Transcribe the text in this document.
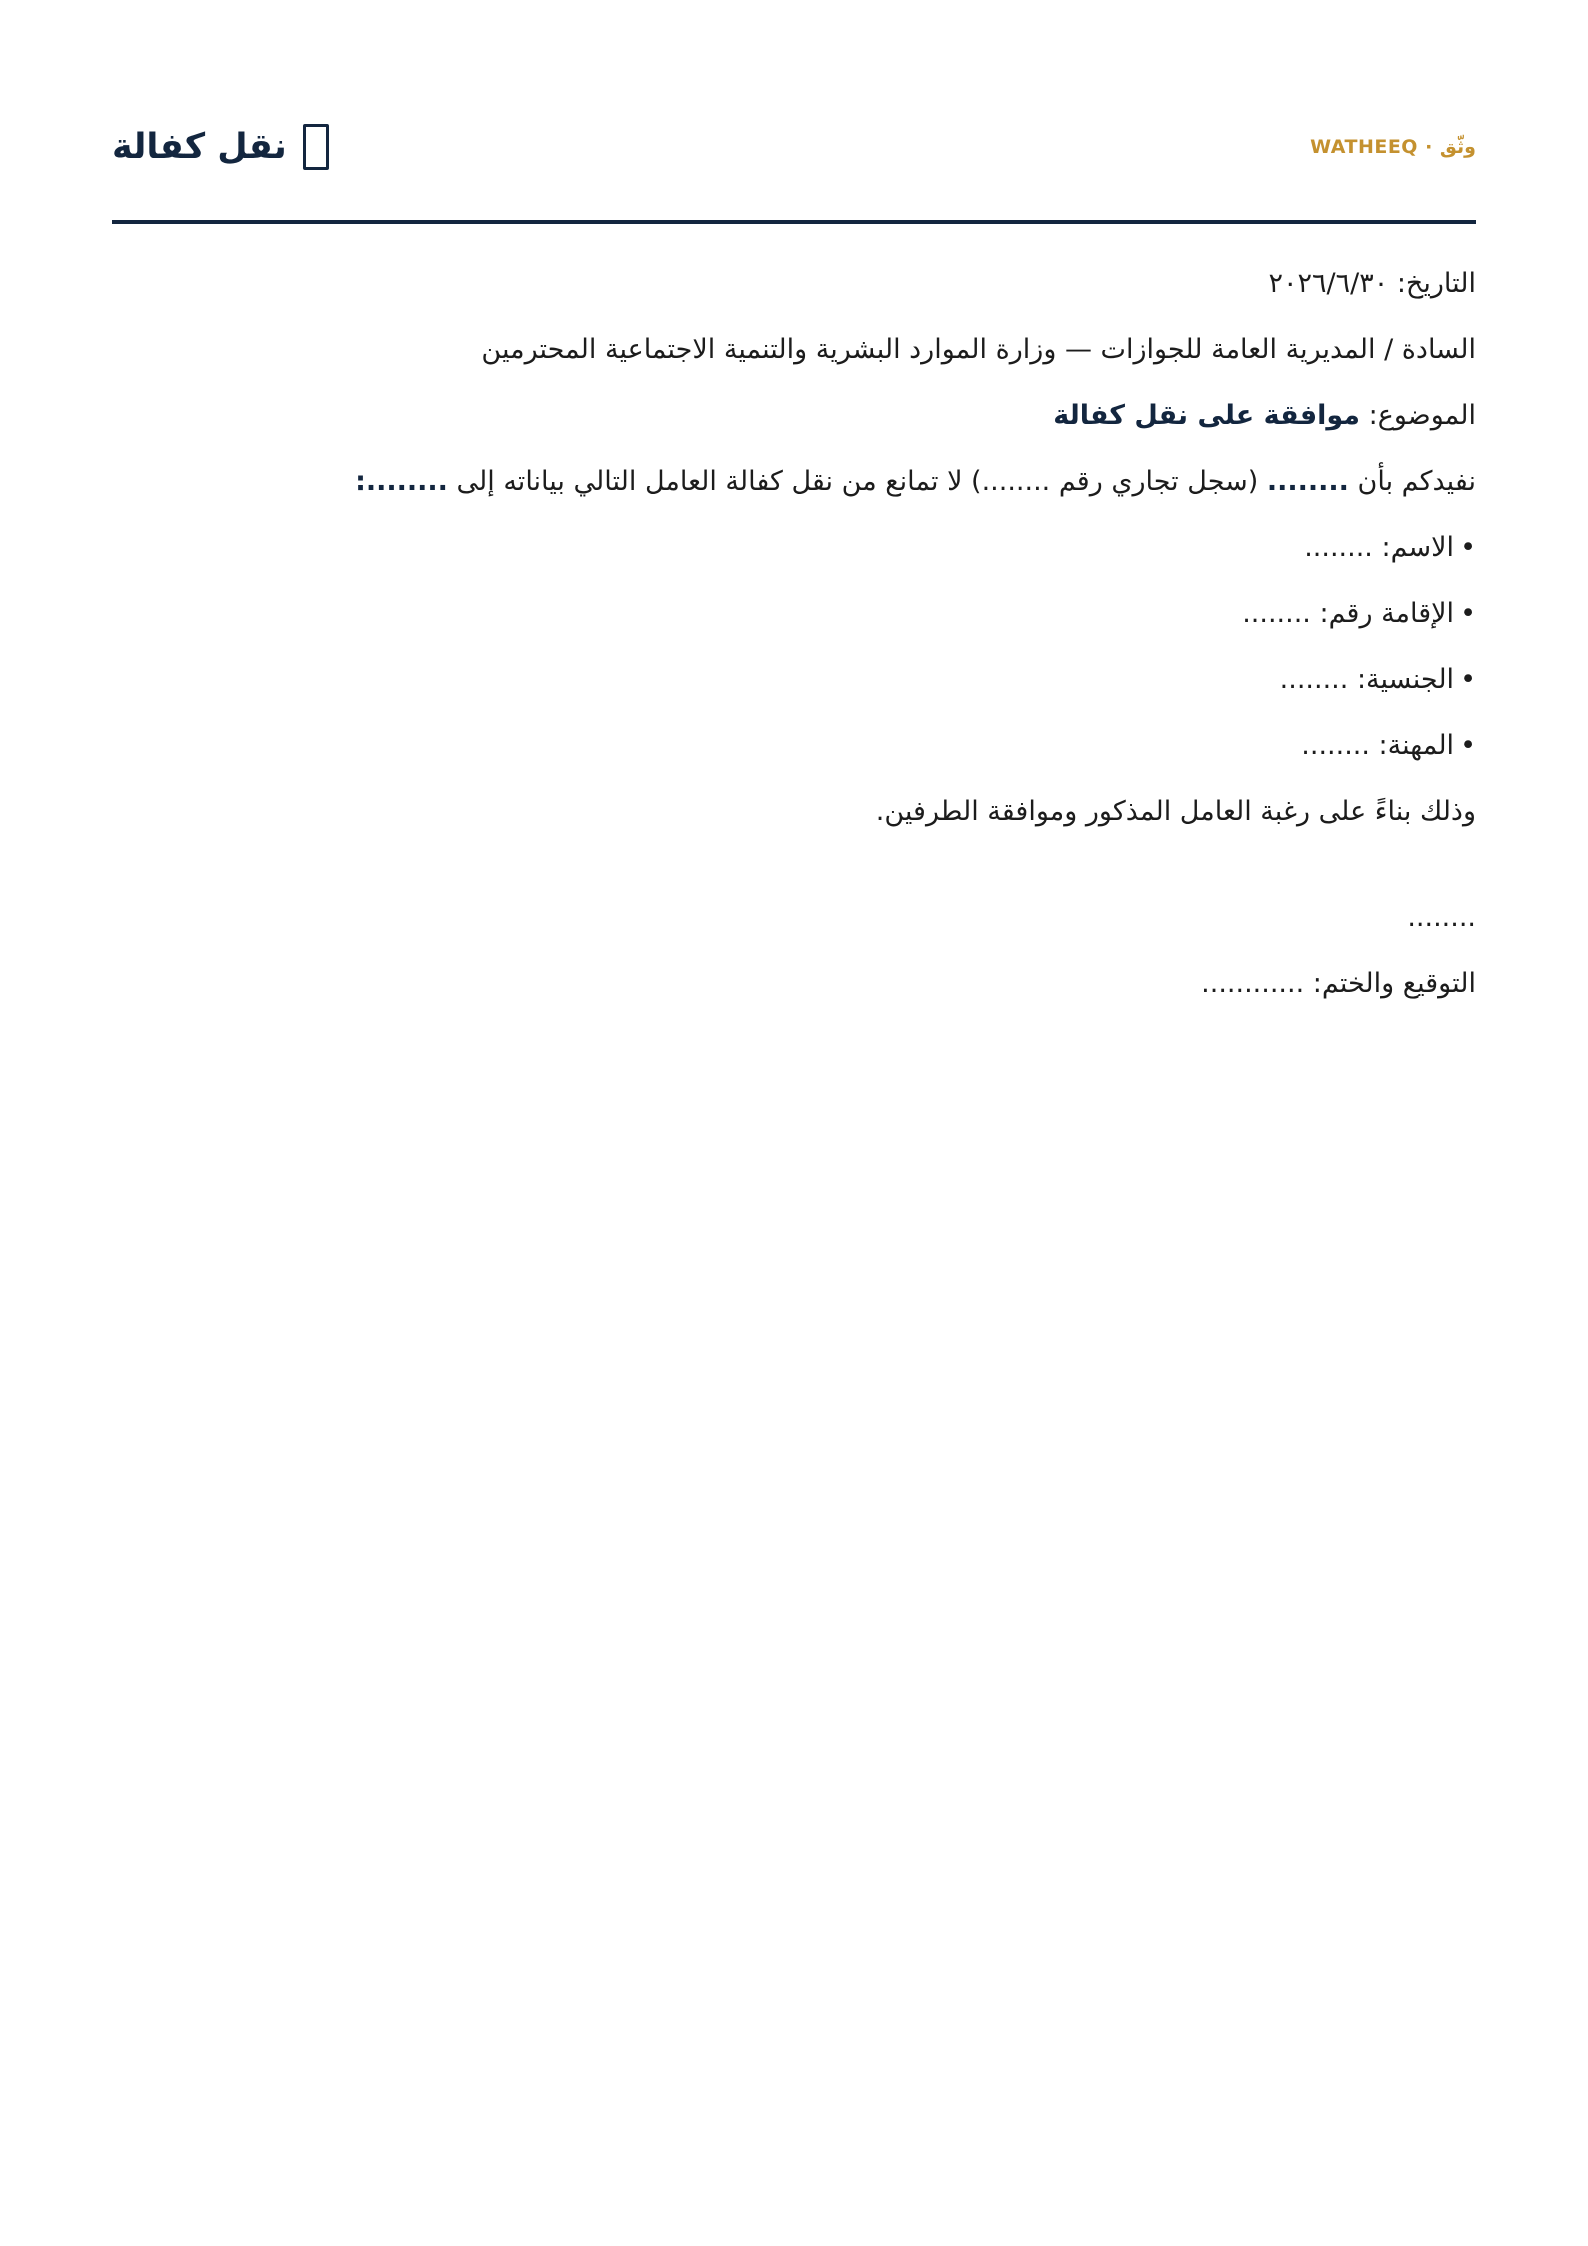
نقل كفالة	WATHEEQ · وثّق
التاريخ: ٢٠٢٦/٦/٣٠
السادة / المديرية العامة للجوازات — وزارة الموارد البشرية والتنمية الاجتماعية المحترمين
الموضوع: موافقة على نقل كفالة
نفيدكم بأن ........ (سجل تجاري رقم ........) لا تمانع من نقل كفالة العامل التالي بياناته إلى ........:
•الاسم: ........
•الإقامة رقم: ........
•الجنسية: ........
•المهنة: ........
وذلك بناءً على رغبة العامل المذكور وموافقة الطرفين.
........
التوقيع والختم: ............
